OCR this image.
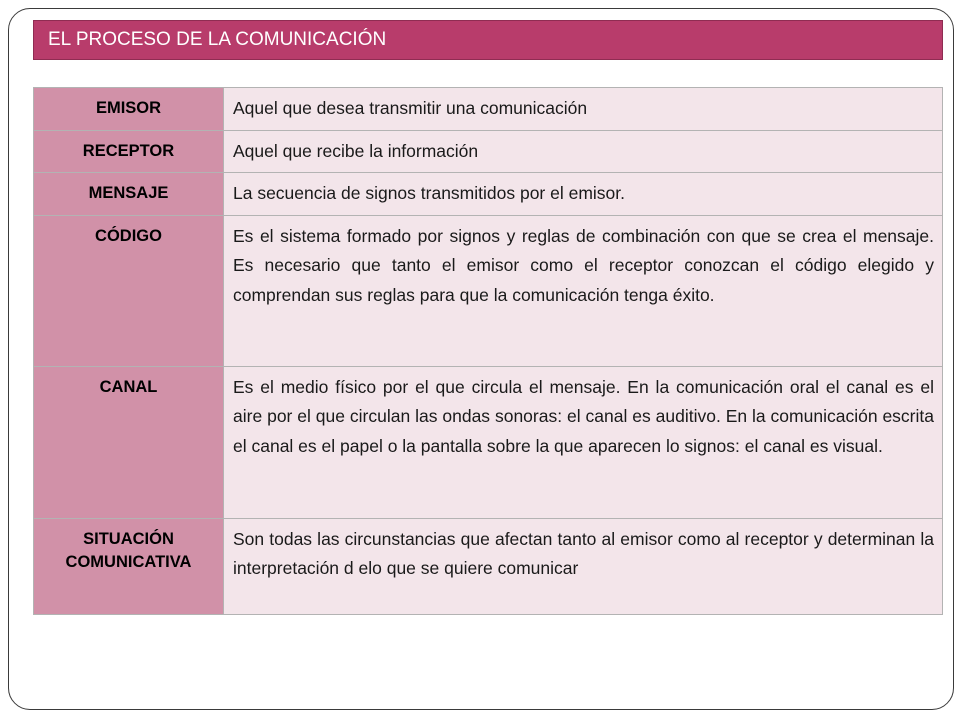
EL PROCESO DE LA COMUNICACIÓN
EMISOR	Aquel que desea transmitir una comunicación
RECEPTOR	Aquel que recibe la información
MENSAJE	La secuencia de signos transmitidos por el emisor.
CÓDIGO	Es el sistema formado por signos y reglas de combinación con que se crea el mensaje. Es necesario que tanto el emisor como el receptor conozcan el código elegido y comprendan sus reglas para que la comunicación tenga éxito.
CANAL	Es el medio físico por el que circula el mensaje. En la comunicación oral el canal es el aire por el que circulan las ondas sonoras: el canal es auditivo. En la comunicación escrita el canal es el papel o la pantalla sobre la que aparecen lo signos: el canal es visual.
SITUACIÓN COMUNICATIVA	Son todas las circunstancias que afectan tanto al emisor como al receptor y determinan la interpretación d elo que se quiere comunicar
